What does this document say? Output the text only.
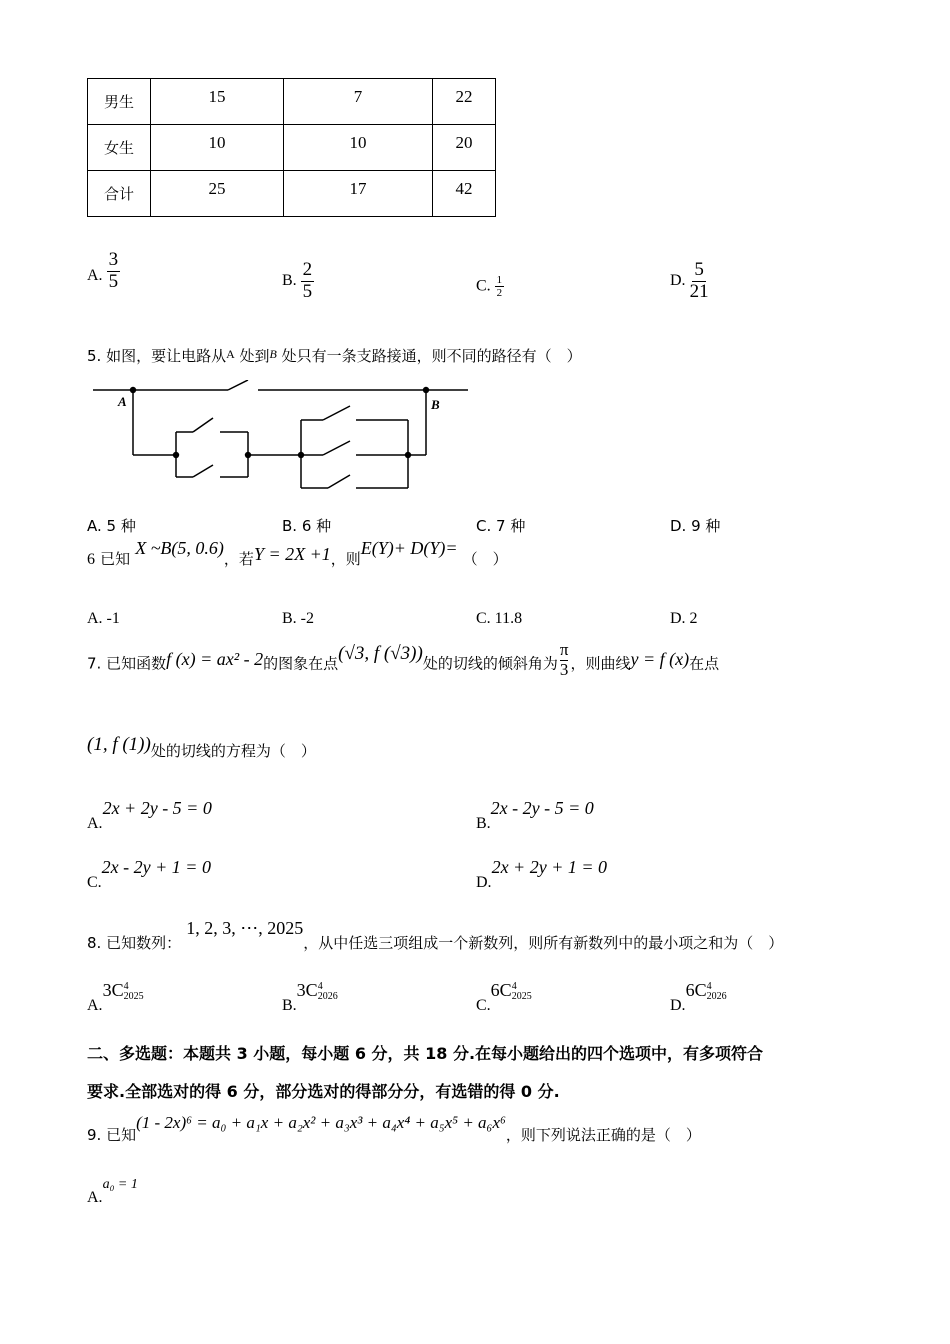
男生	15	7	22
女生	10	10	20
合计	25	17	42
A. $\frac{3}{5}$	B. $\frac{2}{5}$	C. $\frac{1}{2}$	D. $\frac{5}{21}$
5. 如图，要让电路从$^A$ 处到$^B$ 处只有一条支路接通，则不同的路径有（　）
A	B
A. 5 种	B. 6 种	C. 7 种	D. 9 种
6 已知 X ~B(5, 0.6)，若Y = 2X +1，则E(Y)+ D(Y)= （　）
A. -1	B. -2	C. 11.8	D. 2
7. 已知函数f (x) = ax² - 2的图象在点(√3, f (√3))处的切线的倾斜角为 $\frac{\pi}{3}$ ，则曲线y = f (x)在点
(1, f (1))处的切线的方程为（　）
A.2x + 2y - 5 = 0
B.2x - 2y - 5 = 0
C.2x - 2y + 1 = 0
D.2x + 2y + 1 = 0
8. 已知数列： 1, 2, 3, ⋯, 2025，从中任选三项组成一个新数列，则所有新数列中的最小项之和为（　）
A.3C 4
2025
B.3C 4
2026
C.6C 4
2025
D.6C 4
2026
二、多选题：本题共 3 小题，每小题 6 分，共 18 分.在每小题给出的四个选项中，有多项符合
要求.全部选对的得 6 分，部分选对的得部分分，有选错的得 0 分.
9. 已知(1 - 2x)⁶ = a₀ + a₁x + a₂x² + a₃x³ + a₄x⁴ + a₅x⁵ + a₆x⁶，则下列说法正确的是（　）
A.a₀ = 1
